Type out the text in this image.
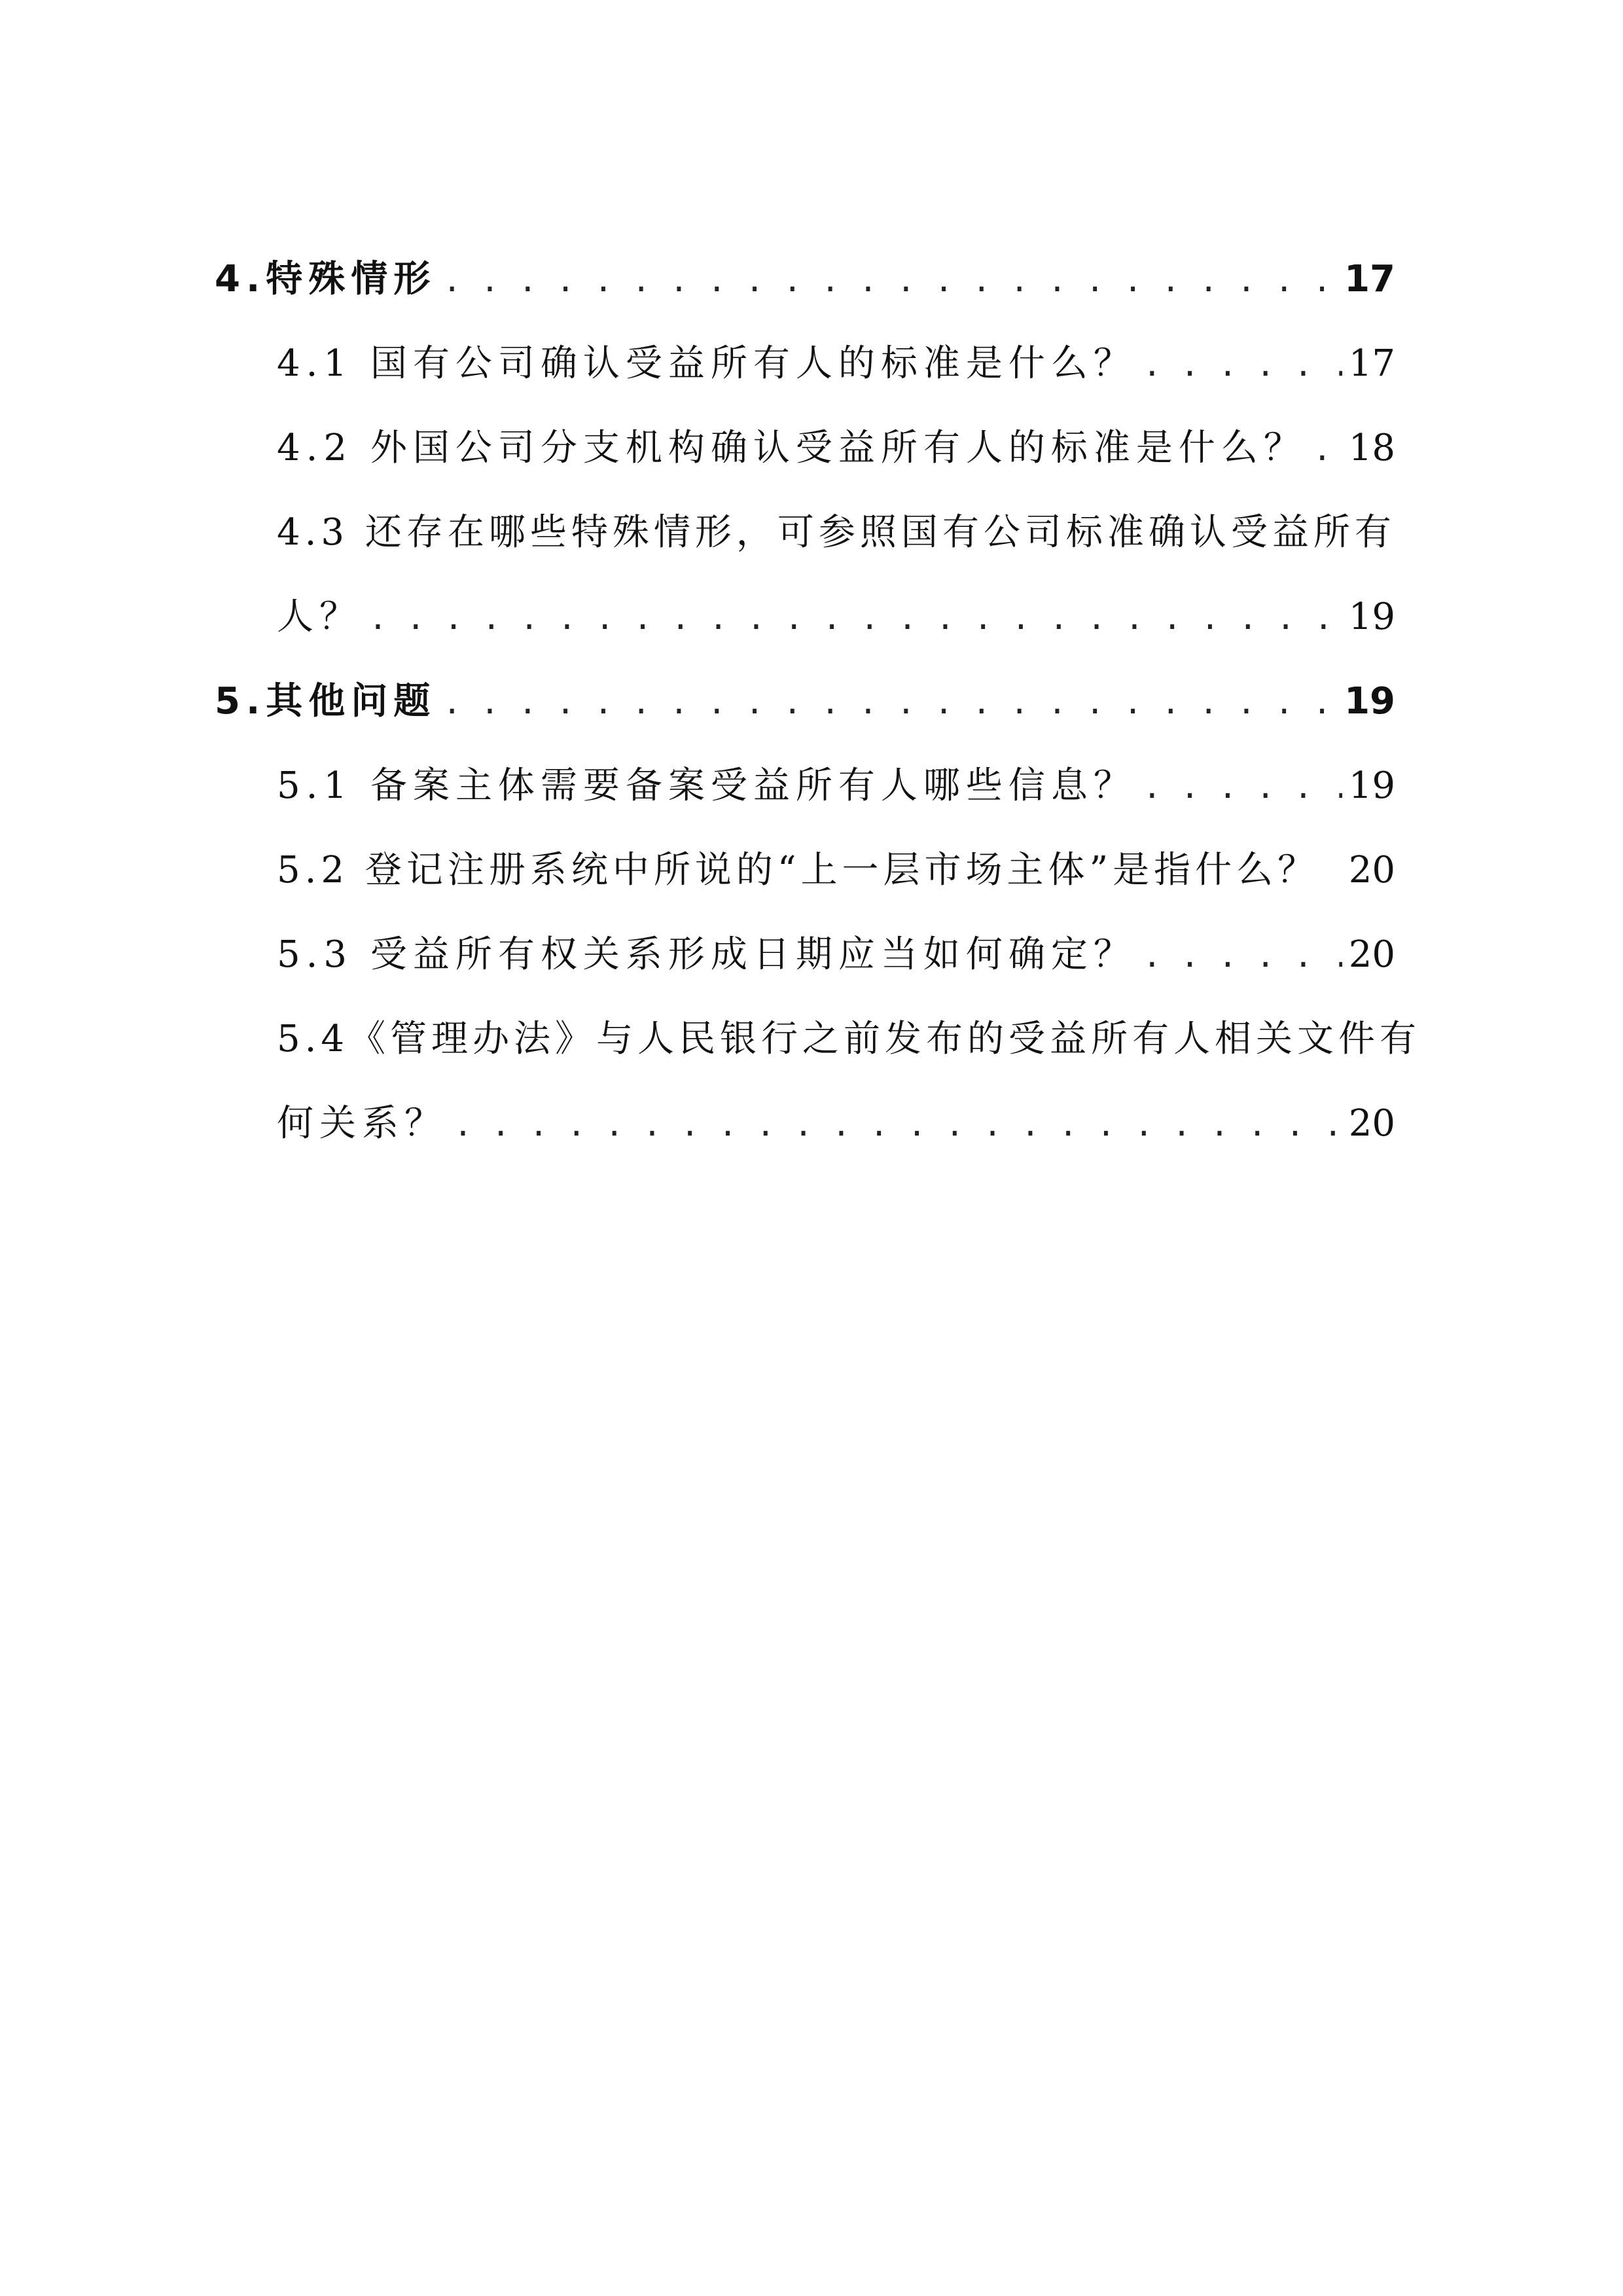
4.特殊情形 . . .	17
4.1 国有公司确认受益所有人的标准是什么？ . . .	17
4.2 外国公司分支机构确认受益所有人的标准是什么？ . . . 18
4.3 还存在哪些特殊情形，可参照国有公司标准确认受益所有
人？ . . .	19
5.其他问题 . . .	19
5.1 备案主体需要备案受益所有人哪些信息？ . . .	19
5.2 登记注册系统中所说的“上一层市场主体”是指什么？ 20
5.3 受益所有权关系形成日期应当如何确定？ . . .	20
5.4《管理办法》与人民银行之前发布的受益所有人相关文件有
何关系？ . . .	20
